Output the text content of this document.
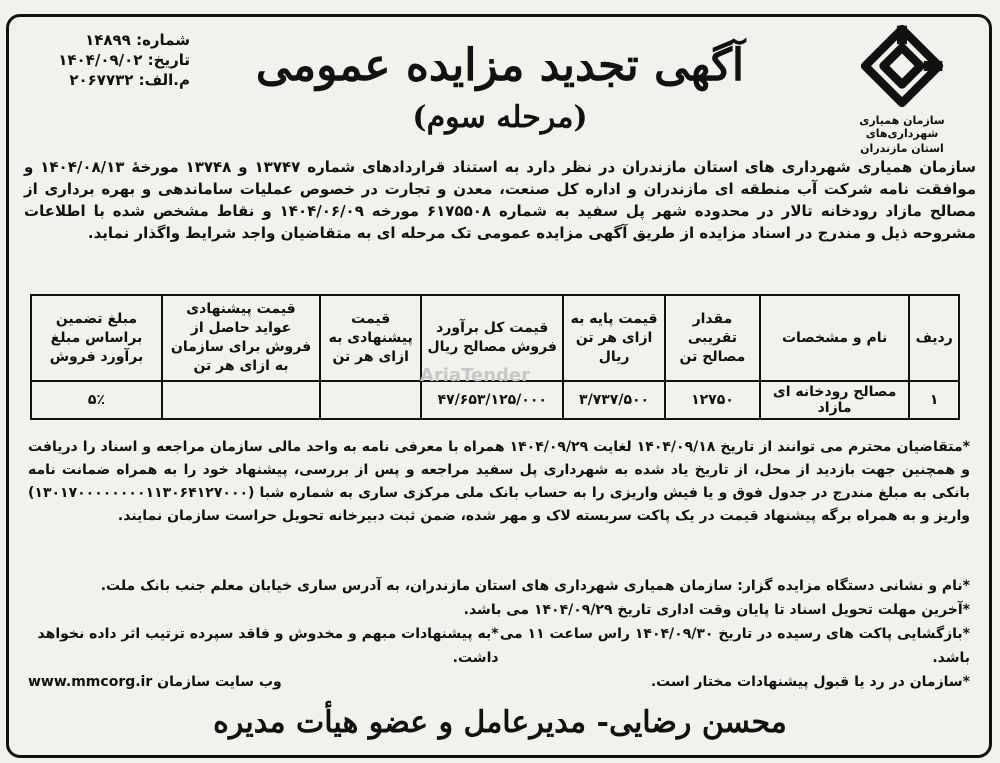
شماره: ۱۴۸۹۹
تاریخ: ۱۴۰۴/۰۹/۰۲
م.الف: ۲۰۶۷۷۳۲
سازمان همیاری شهرداری‌های
استان مازندران
آگهی تجدید مزایده عمومی
(مرحله سوم)
سازمان همیاری شهرداری های استان مازندران در نظر دارد به استناد قراردادهای شماره ۱۳۷۴۷ و ۱۳۷۴۸ مورخهٔ ۱۴۰۴/۰۸/۱۳ و موافقت نامه شرکت آب منطقه ای مازندران و اداره کل صنعت، معدن و تجارت در خصوص عملیات ساماندهی و بهره برداری از مصالح مازاد رودخانه تالار در محدوده شهر پل سفید به شماره ۶۱۷۵۵۰۸ مورخه ۱۴۰۴/۰۶/۰۹ و نقاط مشخص شده با اطلاعات مشروحه ذیل و مندرج در اسناد مزایده از طریق آگهی مزایده عمومی تک مرحله ای به متقاضیان واجد شرایط واگذار نماید.
ردیف	نام و مشخصات	مقدار تقریبی مصالح تن	قیمت پایه به ازای هر تن ریال	قیمت کل برآورد فروش مصالح ریال	قیمت پیشنهادی به ازای هر تن	قیمت پیشنهادی عواید حاصل از فروش برای سازمان به ازای هر تن	مبلغ تضمین براساس مبلغ برآورد فروش
۱	مصالح رودخانه ای مازاد	۱۲۷۵۰	۳/۷۳۷/۵۰۰	۴۷/۶۵۳/۱۲۵/۰۰۰			۵٪
AriaTender
*متقاضیان محترم می توانند از تاریخ ۱۴۰۴/۰۹/۱۸ لغایت ۱۴۰۴/۰۹/۲۹ همراه با معرفی نامه به واحد مالی سازمان مراجعه و اسناد را دریافت و همچنین جهت بازدید از محل، از تاریخ یاد شده به شهرداری پل سفید مراجعه و پس از بررسی، پیشنهاد خود را به همراه ضمانت نامه بانکی به مبلغ مندرج در جدول فوق و یا فیش واریزی را به حساب بانک ملی مرکزی ساری به شماره شبا (۱۳۰۱۷۰۰۰۰۰۰۰۰۱۱۳۰۶۴۱۲۷۰۰۰) واریز و به همراه برگه پیشنهاد قیمت در یک پاکت سربسته لاک و مهر شده، ضمن ثبت دبیرخانه تحویل حراست سازمان نمایند.
*نام و نشانی دستگاه مزایده گزار: سازمان همیاری شهرداری های استان مازندران، به آدرس ساری خیابان معلم جنب بانک ملت.
*آخرین مهلت تحویل اسناد تا پایان وقت اداری تاریخ ۱۴۰۴/۰۹/۲۹ می باشد.
*بازگشایی پاکت های رسیده در تاریخ ۱۴۰۴/۰۹/۳۰ راس ساعت ۱۱ می باشد.
*به پیشنهادات مبهم و مخدوش و فاقد سپرده ترتیب اثر داده نخواهد داشت.
*سازمان در رد یا قبول پیشنهادات مختار است.
وب سایت سازمان www.mmcorg.ir
محسن رضایی- مدیرعامل و عضو هیأت مدیره
